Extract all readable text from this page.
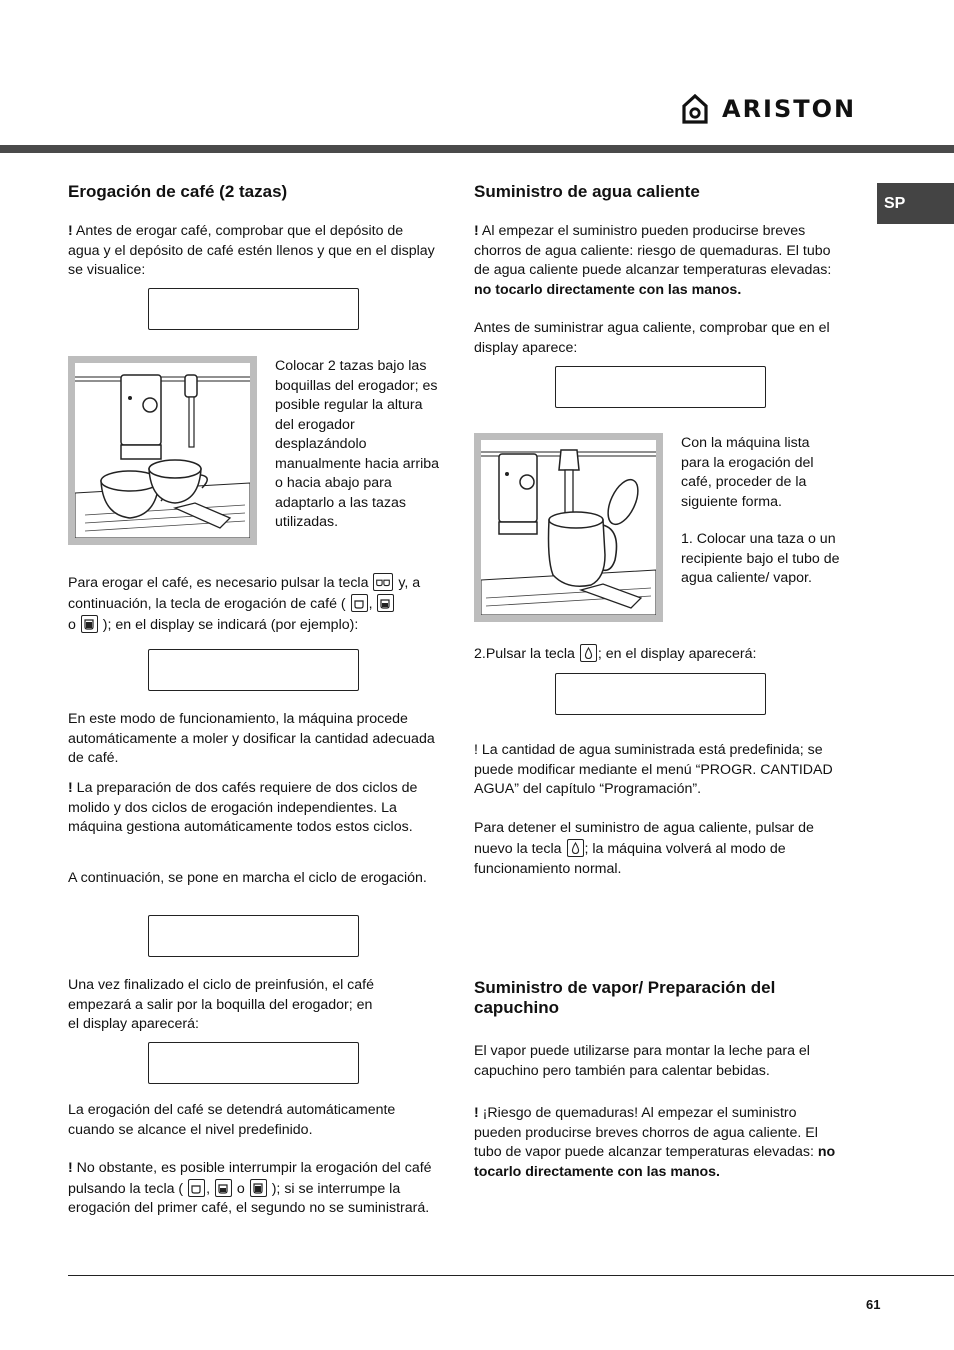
ARISTON
SP
Erogación de café (2 tazas)

! Antes de erogar café, comprobar que el depósito de agua y el depósito de café estén llenos y que en el display se visualice:

Colocar 2 tazas bajo las boquillas del erogador; es posible regular la altura del erogador desplazándolo manualmente hacia arriba o hacia abajo para adaptarlo a las tazas utilizadas.

Para erogar el café, es necesario pulsar la tecla
y, a continuación, la tecla de erogación de café (
,

o
); en el display se indicará (por ejemplo):

En este modo de funcionamiento, la máquina procede automáticamente a moler y dosificar la cantidad adecuada de café.

! La preparación de dos cafés requiere de dos ciclos de molido y dos ciclos de erogación independientes. La máquina gestiona automáticamente todos estos ciclos.

A continuación, se pone en marcha el ciclo de erogación.

Una vez finalizado el ciclo de preinfusión, el café empezará a salir por la boquilla del erogador; en el display aparecerá:

La erogación del café se detendrá automáticamente cuando se alcance el nivel predefinido.

! No obstante, es posible interrumpir la erogación del café pulsando la tecla (
,
o
); si se interrumpe la erogación del primer café, el segundo no se suministrará.

Suministro de agua caliente

! Al empezar el suministro pueden producirse breves chorros de agua caliente: riesgo de quemaduras. El tubo de agua caliente puede alcanzar temperaturas elevadas: no tocarlo directamente con las manos.

Antes de suministrar agua caliente, comprobar que en el display aparece:

Con la máquina lista para la erogación del café, proceder de la siguiente forma.

1. Colocar una taza o un recipiente bajo el tubo de agua caliente/ vapor.

2.Pulsar la tecla
; en el display aparecerá:

! La cantidad de agua suministrada está predefinida; se puede modificar mediante el menú “PROGR. CANTIDAD AGUA” del capítulo “Programación”.

Para detener el suministro de agua caliente, pulsar de nuevo la tecla
; la máquina volverá al modo de funcionamiento normal.

Suministro de vapor/ Preparación del capuchino

El vapor puede utilizarse para montar la leche para el capuchino pero también para calentar bebidas.

! ¡Riesgo de quemaduras! Al empezar el suministro pueden producirse breves chorros de agua caliente. El tubo de vapor puede alcanzar temperaturas elevadas: no tocarlo directamente con las manos.

61
